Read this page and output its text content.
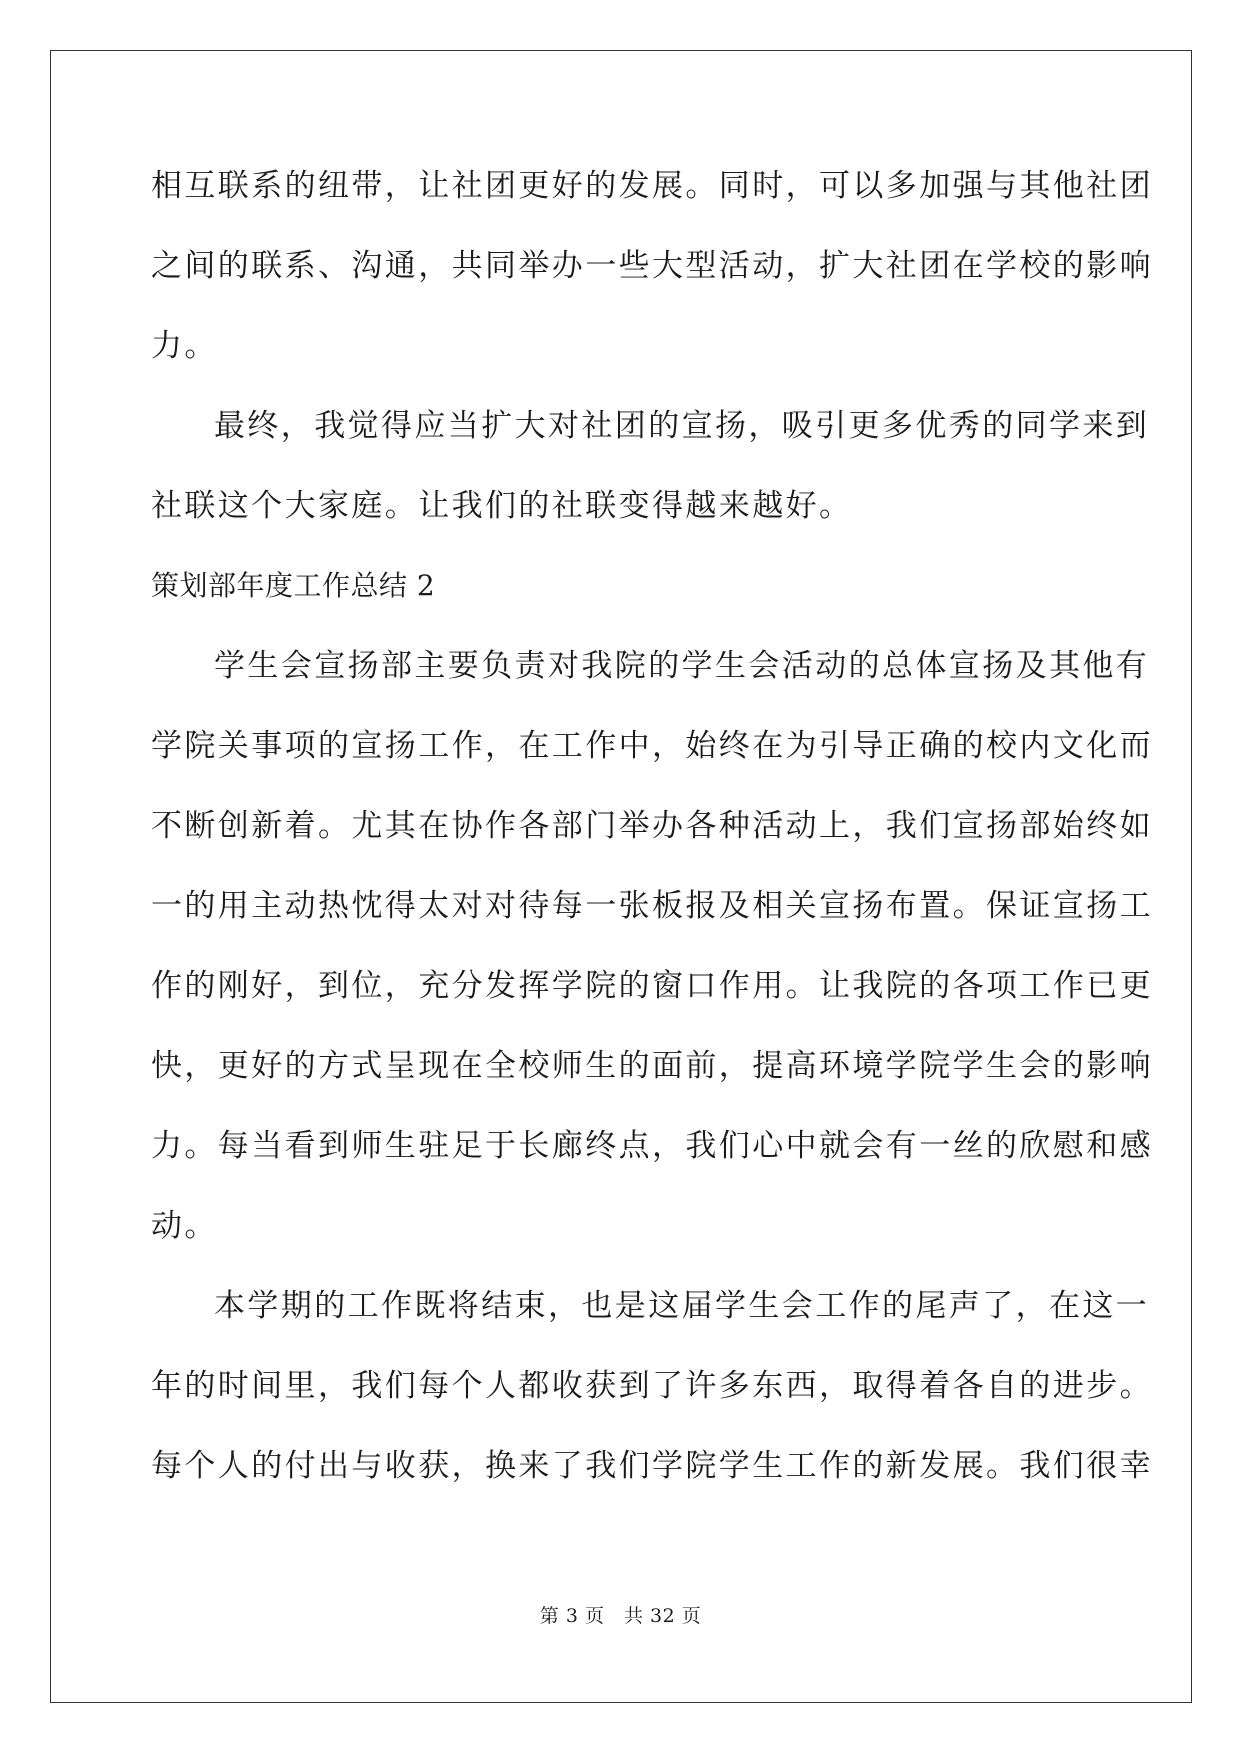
相互联系的纽带，让社团更好的发展。同时，可以多加强与其他社团
之间的联系、沟通，共同举办一些大型活动，扩大社团在学校的影响
力。
最终，我觉得应当扩大对社团的宣扬，吸引更多优秀的同学来到
社联这个大家庭。让我们的社联变得越来越好。
策划部年度工作总结 2
学生会宣扬部主要负责对我院的学生会活动的总体宣扬及其他有
学院关事项的宣扬工作，在工作中，始终在为引导正确的校内文化而
不断创新着。尤其在协作各部门举办各种活动上，我们宣扬部始终如
一的用主动热忱得太对对待每一张板报及相关宣扬布置。保证宣扬工
作的刚好，到位，充分发挥学院的窗口作用。让我院的各项工作已更
快，更好的方式呈现在全校师生的面前，提高环境学院学生会的影响
力。每当看到师生驻足于长廊终点，我们心中就会有一丝的欣慰和感
动。
本学期的工作既将结束，也是这届学生会工作的尾声了，在这一
年的时间里，我们每个人都收获到了许多东西，取得着各自的进步。
每个人的付出与收获，换来了我们学院学生工作的新发展。我们很幸
第 3 页　共 32 页
